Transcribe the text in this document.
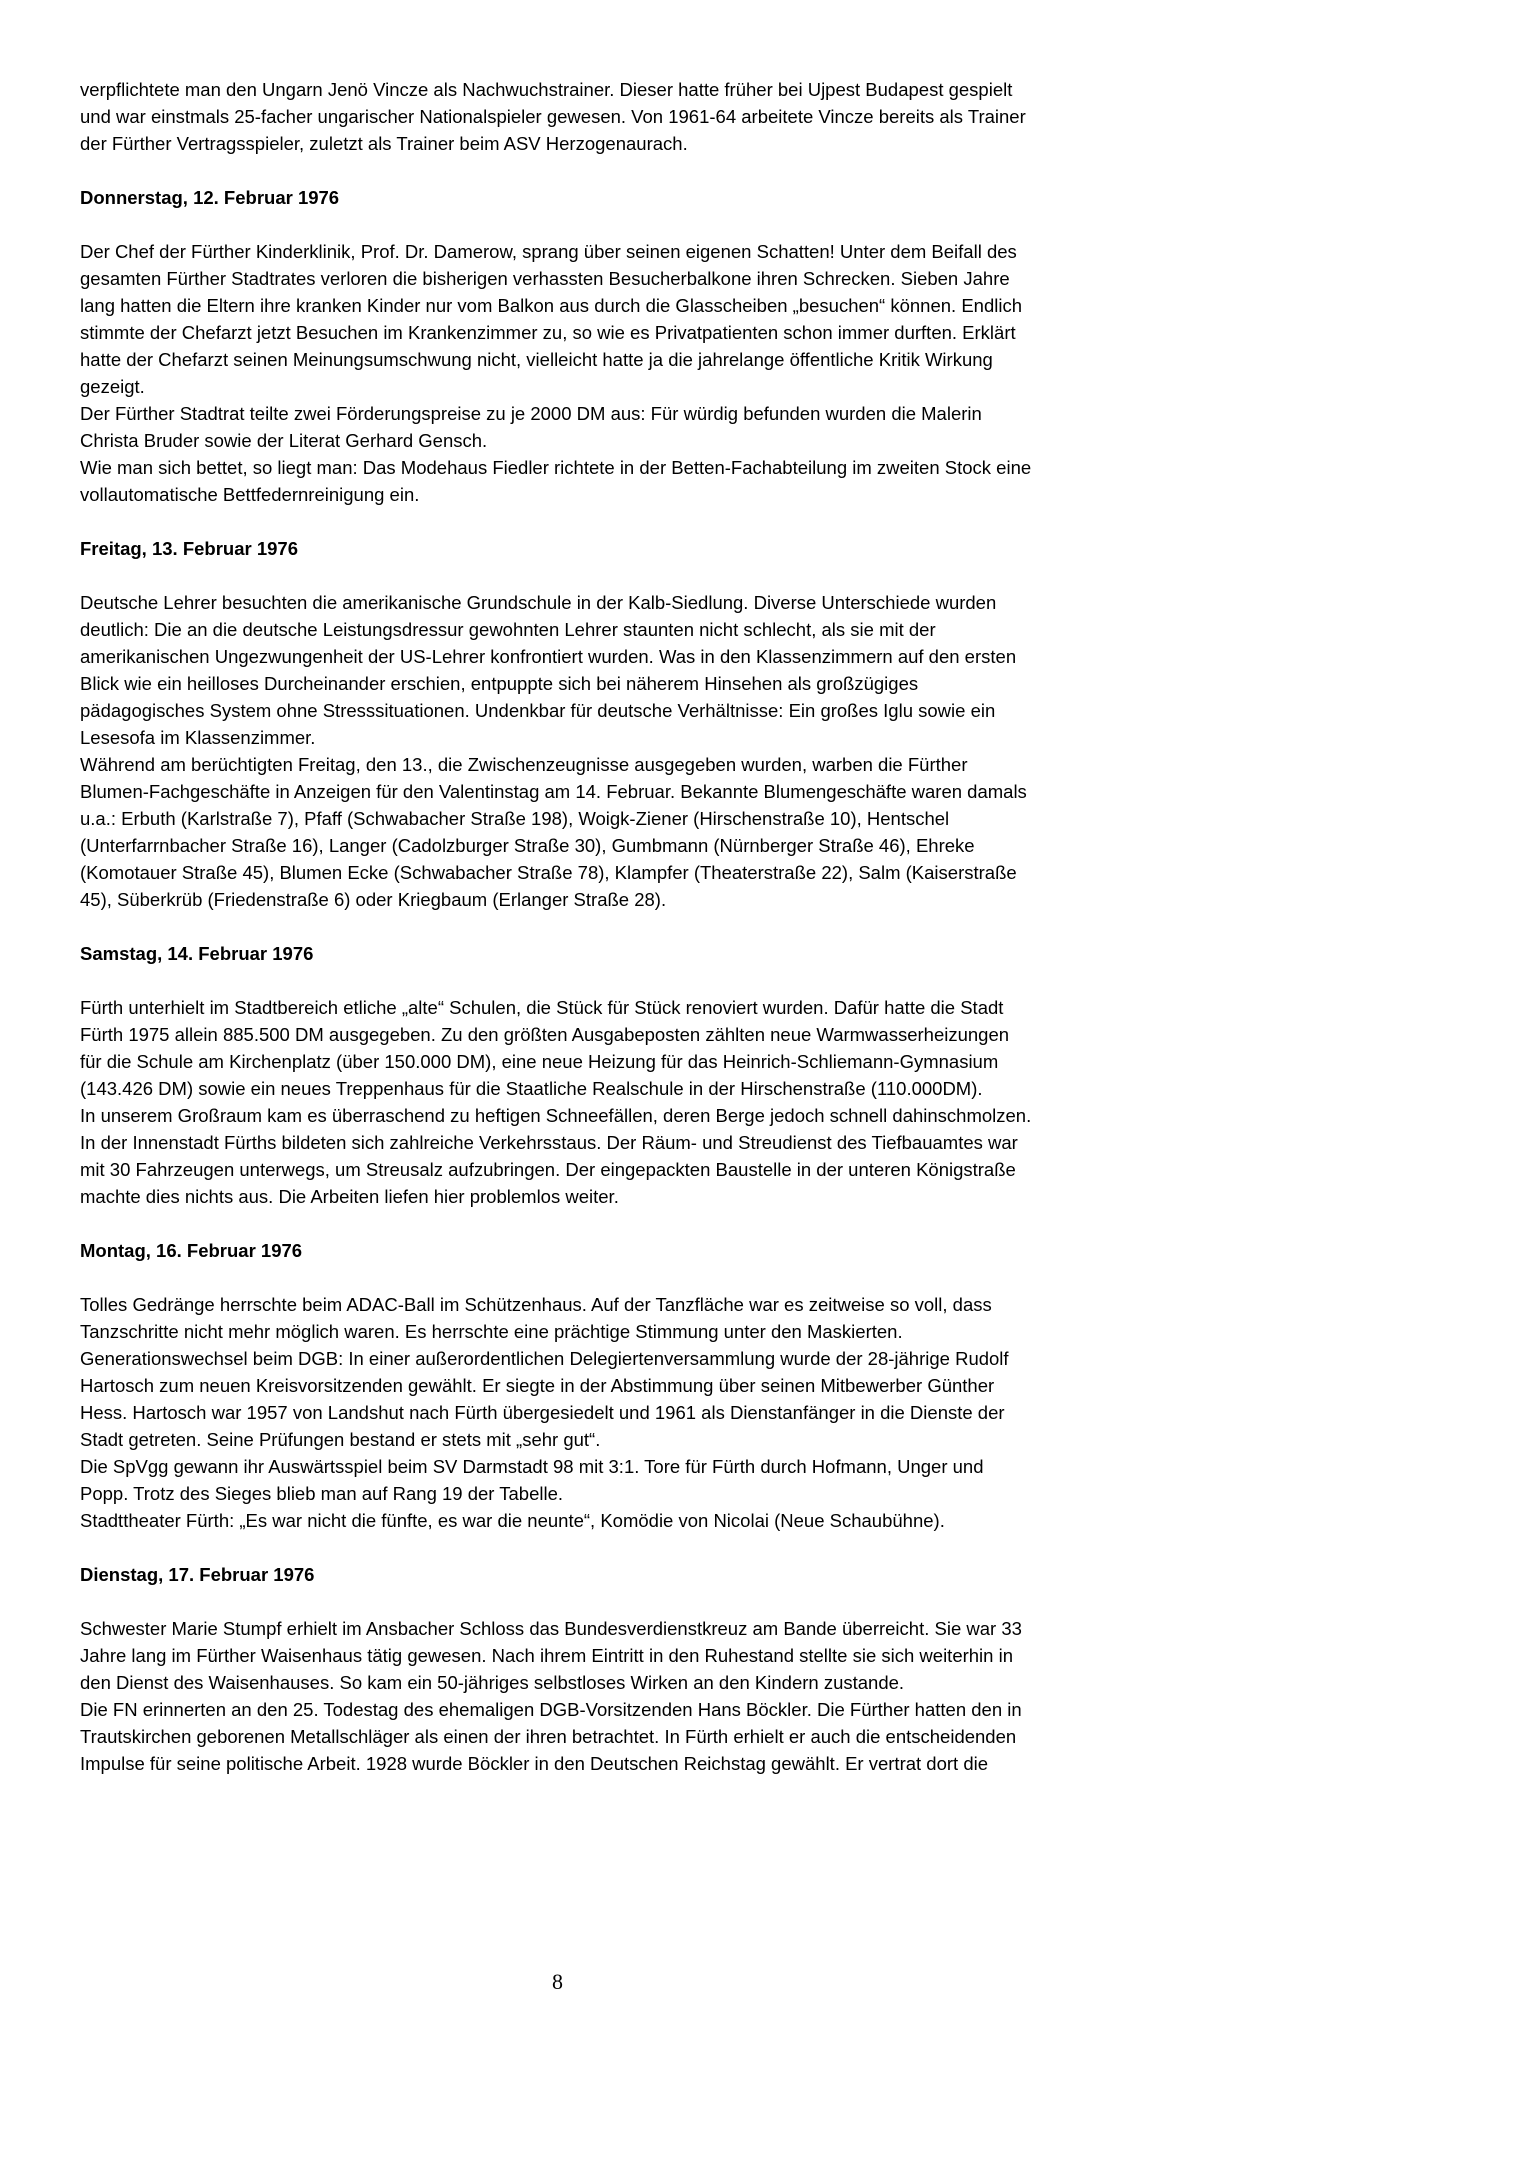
verpflichtete man den Ungarn Jenö Vincze als Nachwuchstrainer. Dieser hatte früher bei Ujpest Budapest gespielt und war einstmals 25-facher ungarischer Nationalspieler gewesen. Von 1961-64 arbeitete Vincze bereits als Trainer der Fürther Vertragsspieler, zuletzt als Trainer beim ASV Herzogenaurach.

Donnerstag, 12. Februar 1976

Der Chef der Fürther Kinderklinik, Prof. Dr. Damerow, sprang über seinen eigenen Schatten! Unter dem Beifall des gesamten Fürther Stadtrates verloren die bisherigen verhassten Besucherbalkone ihren Schrecken. Sieben Jahre lang hatten die Eltern ihre kranken Kinder nur vom Balkon aus durch die Glasscheiben „besuchen“ können. Endlich stimmte der Chefarzt jetzt Besuchen im Krankenzimmer zu, so wie es Privatpatienten schon immer durften. Erklärt hatte der Chefarzt seinen Meinungsumschwung nicht, vielleicht hatte ja die jahrelange öffentliche Kritik Wirkung gezeigt.

Der Fürther Stadtrat teilte zwei Förderungspreise zu je 2000 DM aus: Für würdig befunden wurden die Malerin Christa Bruder sowie der Literat Gerhard Gensch.

Wie man sich bettet, so liegt man: Das Modehaus Fiedler richtete in der Betten-Fachabteilung im zweiten Stock eine vollautomatische Bettfedernreinigung ein.

Freitag, 13. Februar 1976

Deutsche Lehrer besuchten die amerikanische Grundschule in der Kalb-Siedlung. Diverse Unterschiede wurden deutlich: Die an die deutsche Leistungsdressur gewohnten Lehrer staunten nicht schlecht, als sie mit der amerikanischen Ungezwungenheit der US-Lehrer konfrontiert wurden. Was in den Klassenzimmern auf den ersten Blick wie ein heilloses Durcheinander erschien, entpuppte sich bei näherem Hinsehen als großzügiges pädagogisches System ohne Stresssituationen. Undenkbar für deutsche Verhältnisse: Ein großes Iglu sowie ein Lesesofa im Klassenzimmer.

Während am berüchtigten Freitag, den 13., die Zwischenzeugnisse ausgegeben wurden, warben die Fürther Blumen-Fachgeschäfte in Anzeigen für den Valentinstag am 14. Februar. Bekannte Blumengeschäfte waren damals u.a.: Erbuth (Karlstraße 7), Pfaff (Schwabacher Straße 198), Woigk-Ziener (Hirschenstraße 10), Hentschel (Unterfarrnbacher Straße 16), Langer (Cadolzburger Straße 30), Gumbmann (Nürnberger Straße 46), Ehreke (Komotauer Straße 45), Blumen Ecke (Schwabacher Straße 78), Klampfer (Theaterstraße 22), Salm (Kaiserstraße 45), Süberkrüb (Friedenstraße 6) oder Kriegbaum (Erlanger Straße 28).

Samstag, 14. Februar 1976

Fürth unterhielt im Stadtbereich etliche „alte“ Schulen, die Stück für Stück renoviert wurden. Dafür hatte die Stadt Fürth 1975 allein 885.500 DM ausgegeben. Zu den größten Ausgabeposten zählten neue Warmwasserheizungen für die Schule am Kirchenplatz (über 150.000 DM), eine neue Heizung für das Heinrich-Schliemann-Gymnasium (143.426 DM) sowie ein neues Treppenhaus für die Staatliche Realschule in der Hirschenstraße (110.000DM).

In unserem Großraum kam es überraschend zu heftigen Schneefällen, deren Berge jedoch schnell dahinschmolzen. In der Innenstadt Fürths bildeten sich zahlreiche Verkehrsstaus. Der Räum- und Streudienst des Tiefbauamtes war mit 30 Fahrzeugen unterwegs, um Streusalz aufzubringen. Der eingepackten Baustelle in der unteren Königstraße machte dies nichts aus. Die Arbeiten liefen hier problemlos weiter.

Montag, 16. Februar 1976

Tolles Gedränge herrschte beim ADAC-Ball im Schützenhaus. Auf der Tanzfläche war es zeitweise so voll, dass Tanzschritte nicht mehr möglich waren. Es herrschte eine prächtige Stimmung unter den Maskierten.

Generationswechsel beim DGB: In einer außerordentlichen Delegiertenversammlung wurde der 28-jährige Rudolf Hartosch zum neuen Kreisvorsitzenden gewählt. Er siegte in der Abstimmung über seinen Mitbewerber Günther Hess. Hartosch war 1957 von Landshut nach Fürth übergesiedelt und 1961 als Dienstanfänger in die Dienste der Stadt getreten. Seine Prüfungen bestand er stets mit „sehr gut“.

Die SpVgg gewann ihr Auswärtsspiel beim SV Darmstadt 98 mit 3:1. Tore für Fürth durch Hofmann, Unger und Popp. Trotz des Sieges blieb man auf Rang 19 der Tabelle.

Stadttheater Fürth: „Es war nicht die fünfte, es war die neunte“, Komödie von Nicolai (Neue Schaubühne).

Dienstag, 17. Februar 1976

Schwester Marie Stumpf erhielt im Ansbacher Schloss das Bundesverdienstkreuz am Bande überreicht. Sie war 33 Jahre lang im Fürther Waisenhaus tätig gewesen. Nach ihrem Eintritt in den Ruhestand stellte sie sich weiterhin in den Dienst des Waisenhauses. So kam ein 50-jähriges selbstloses Wirken an den Kindern zustande.

Die FN erinnerten an den 25. Todestag des ehemaligen DGB-Vorsitzenden Hans Böckler. Die Fürther hatten den in Trautskirchen geborenen Metallschläger als einen der ihren betrachtet. In Fürth erhielt er auch die entscheidenden Impulse für seine politische Arbeit. 1928 wurde Böckler in den Deutschen Reichstag gewählt. Er vertrat dort die

8
